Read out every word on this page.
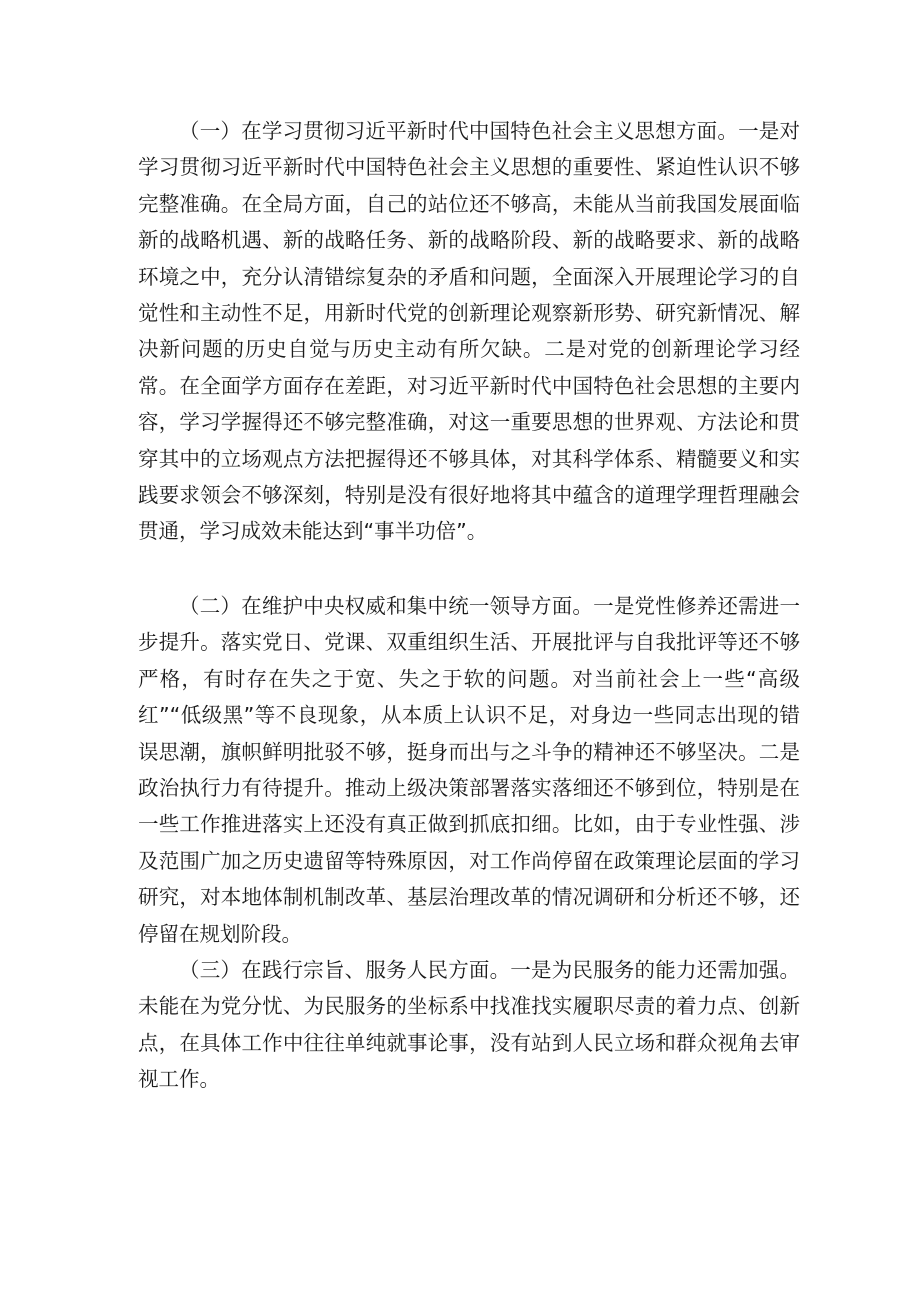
（一）在学习贯彻习近平新时代中国特色社会主义思想方面。一是对学习贯彻习近平新时代中国特色社会主义思想的重要性、紧迫性认识不够完整准确。在全局方面，自己的站位还不够高，未能从当前我国发展面临新的战略机遇、新的战略任务、新的战略阶段、新的战略要求、新的战略环境之中，充分认清错综复杂的矛盾和问题，全面深入开展理论学习的自觉性和主动性不足，用新时代党的创新理论观察新形势、研究新情况、解决新问题的历史自觉与历史主动有所欠缺。二是对党的创新理论学习经常。在全面学方面存在差距，对习近平新时代中国特色社会思想的主要内容，学习学握得还不够完整准确，对这一重要思想的世界观、方法论和贯穿其中的立场观点方法把握得还不够具体，对其科学体系、精髓要义和实践要求领会不够深刻，特别是没有很好地将其中蕴含的道理学理哲理融会贯通，学习成效未能达到“事半功倍”。

（二）在维护中央权威和集中统一领导方面。一是党性修养还需进一步提升。落实党日、党课、双重组织生活、开展批评与自我批评等还不够严格，有时存在失之于宽、失之于软的问题。对当前社会上一些“高级红”“低级黑”等不良现象，从本质上认识不足，对身边一些同志出现的错误思潮，旗帜鲜明批驳不够，挺身而出与之斗争的精神还不够坚决。二是政治执行力有待提升。推动上级决策部署落实落细还不够到位，特别是在一些工作推进落实上还没有真正做到抓底扣细。比如，由于专业性强、涉及范围广加之历史遗留等特殊原因，对工作尚停留在政策理论层面的学习研究，对本地体制机制改革、基层治理改革的情况调研和分析还不够，还停留在规划阶段。

（三）在践行宗旨、服务人民方面。一是为民服务的能力还需加强。未能在为党分忧、为民服务的坐标系中找准找实履职尽责的着力点、创新点，在具体工作中往往单纯就事论事，没有站到人民立场和群众视角去审视工作。
